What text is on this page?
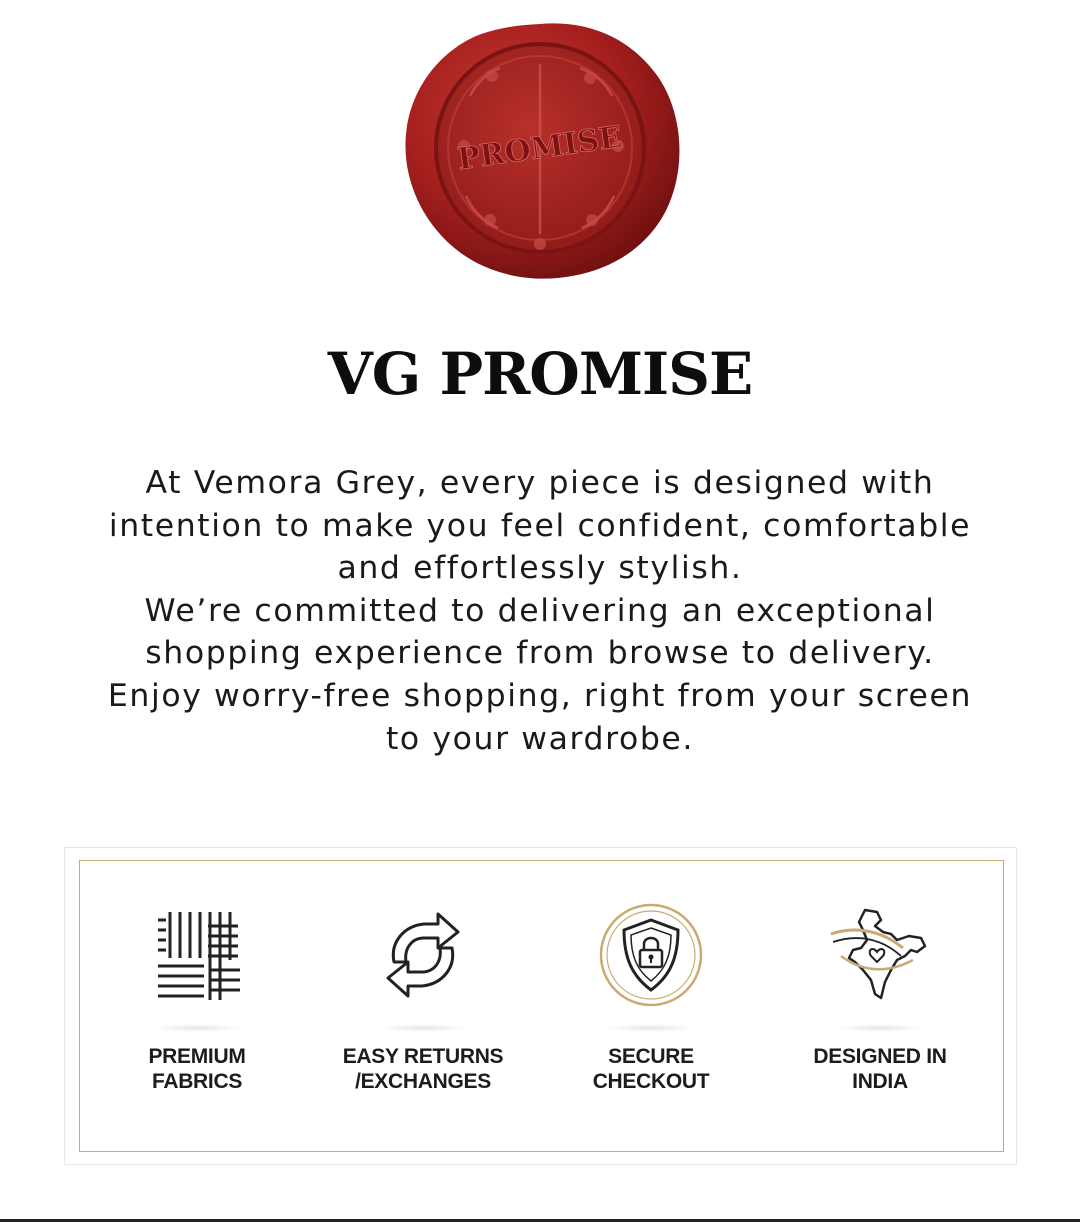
PROMISE
VG PROMISE
At Vemora Grey, every piece is designed with
intention to make you feel confident, comfortable
and effortlessly stylish.
We’re committed to delivering an exceptional
shopping experience from browse to delivery.
Enjoy worry-free shopping, right from your screen
to your wardrobe.
PREMIUM
FABRICS
EASY RETURNS
/EXCHANGES
SECURE
CHECKOUT
DESIGNED IN
INDIA
